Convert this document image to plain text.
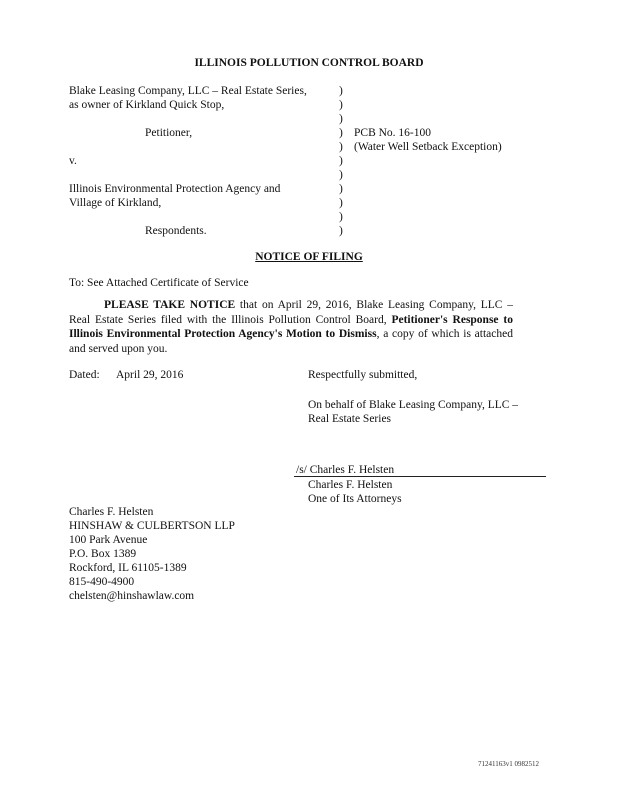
ILLINOIS POLLUTION CONTROL BOARD
Blake Leasing Company, LLC – Real Estate Series,
as owner of Kirkland Quick Stop,
Petitioner,
v.
Illinois Environmental Protection Agency and
Village of Kirkland,
Respondents.
)
)
)
)
)
)
)
)
)
)
)
PCB No. 16-100
(Water Well Setback Exception)
NOTICE OF FILING
To: See Attached Certificate of Service
PLEASE TAKE NOTICE that on April 29, 2016, Blake Leasing Company, LLC – Real Estate Series filed with the Illinois Pollution Control Board, Petitioner's Response to Illinois Environmental Protection Agency's Motion to Dismiss, a copy of which is attached and served upon you.
Dated: April 29, 2016	Respectfully submitted,
On behalf of Blake Leasing Company, LLC –
Real Estate Series
/s/ Charles F. Helsten
Charles F. Helsten
One of Its Attorneys
Charles F. Helsten
HINSHAW & CULBERTSON LLP
100 Park Avenue
P.O. Box 1389
Rockford, IL 61105-1389
815-490-4900
chelsten@hinshawlaw.com
71241163v1 0982512
